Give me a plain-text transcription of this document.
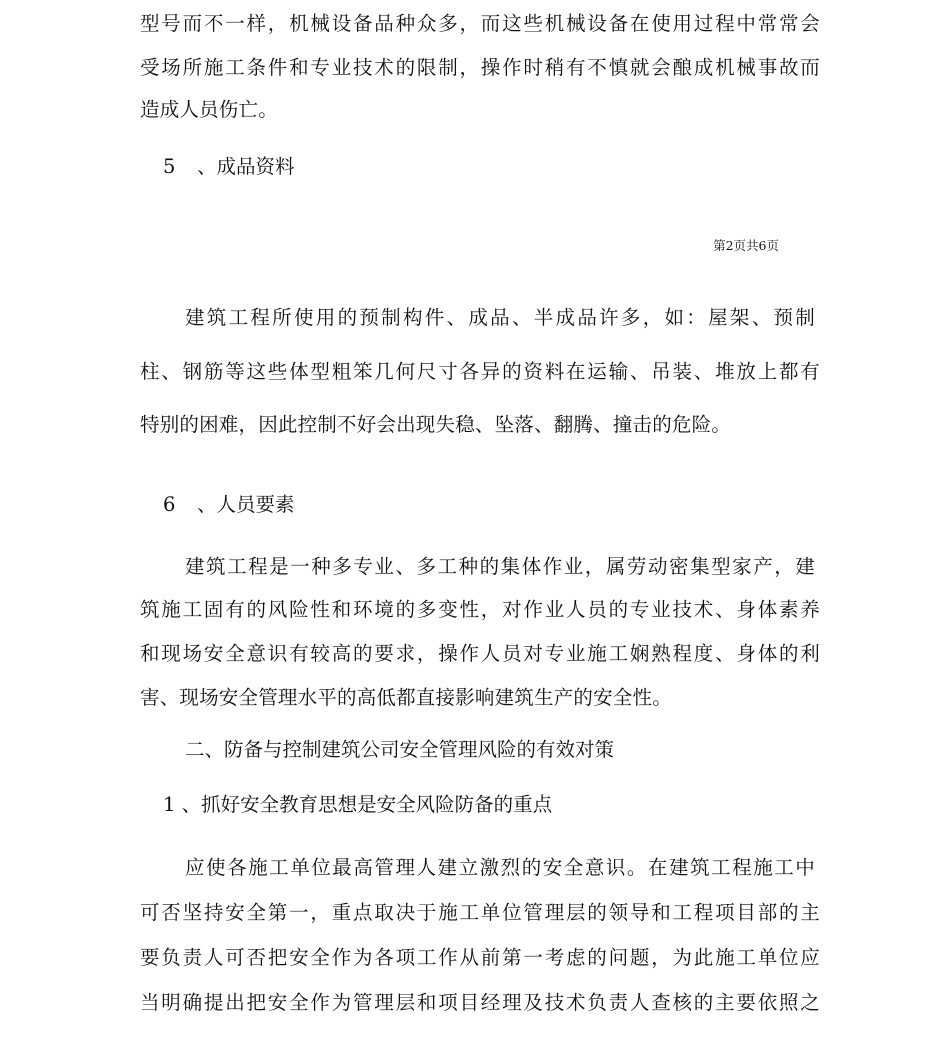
型号而不一样，机械设备品种众多，而这些机械设备在使用过程中常常会
受场所施工条件和专业技术的限制，操作时稍有不慎就会酿成机械事故而
造成人员伤亡。
5 、成品资料
第2页共6页
建筑工程所使用的预制构件、成品、半成品许多，如：屋架、预制
柱、钢筋等这些体型粗笨几何尺寸各异的资料在运输、吊装、堆放上都有
特别的困难，因此控制不好会出现失稳、坠落、翻腾、撞击的危险。
6 、人员要素
建筑工程是一种多专业、多工种的集体作业，属劳动密集型家产，建
筑施工固有的风险性和环境的多变性，对作业人员的专业技术、身体素养
和现场安全意识有较高的要求，操作人员对专业施工娴熟程度、身体的利
害、现场安全管理水平的高低都直接影响建筑生产的安全性。
二、防备与控制建筑公司安全管理风险的有效对策
1 、抓好安全教育思想是安全风险防备的重点
应使各施工单位最高管理人建立激烈的安全意识。在建筑工程施工中
可否坚持安全第一，重点取决于施工单位管理层的领导和工程项目部的主
要负责人可否把安全作为各项工作从前第一考虑的问题，为此施工单位应
当明确提出把安全作为管理层和项目经理及技术负责人查核的主要依照之
